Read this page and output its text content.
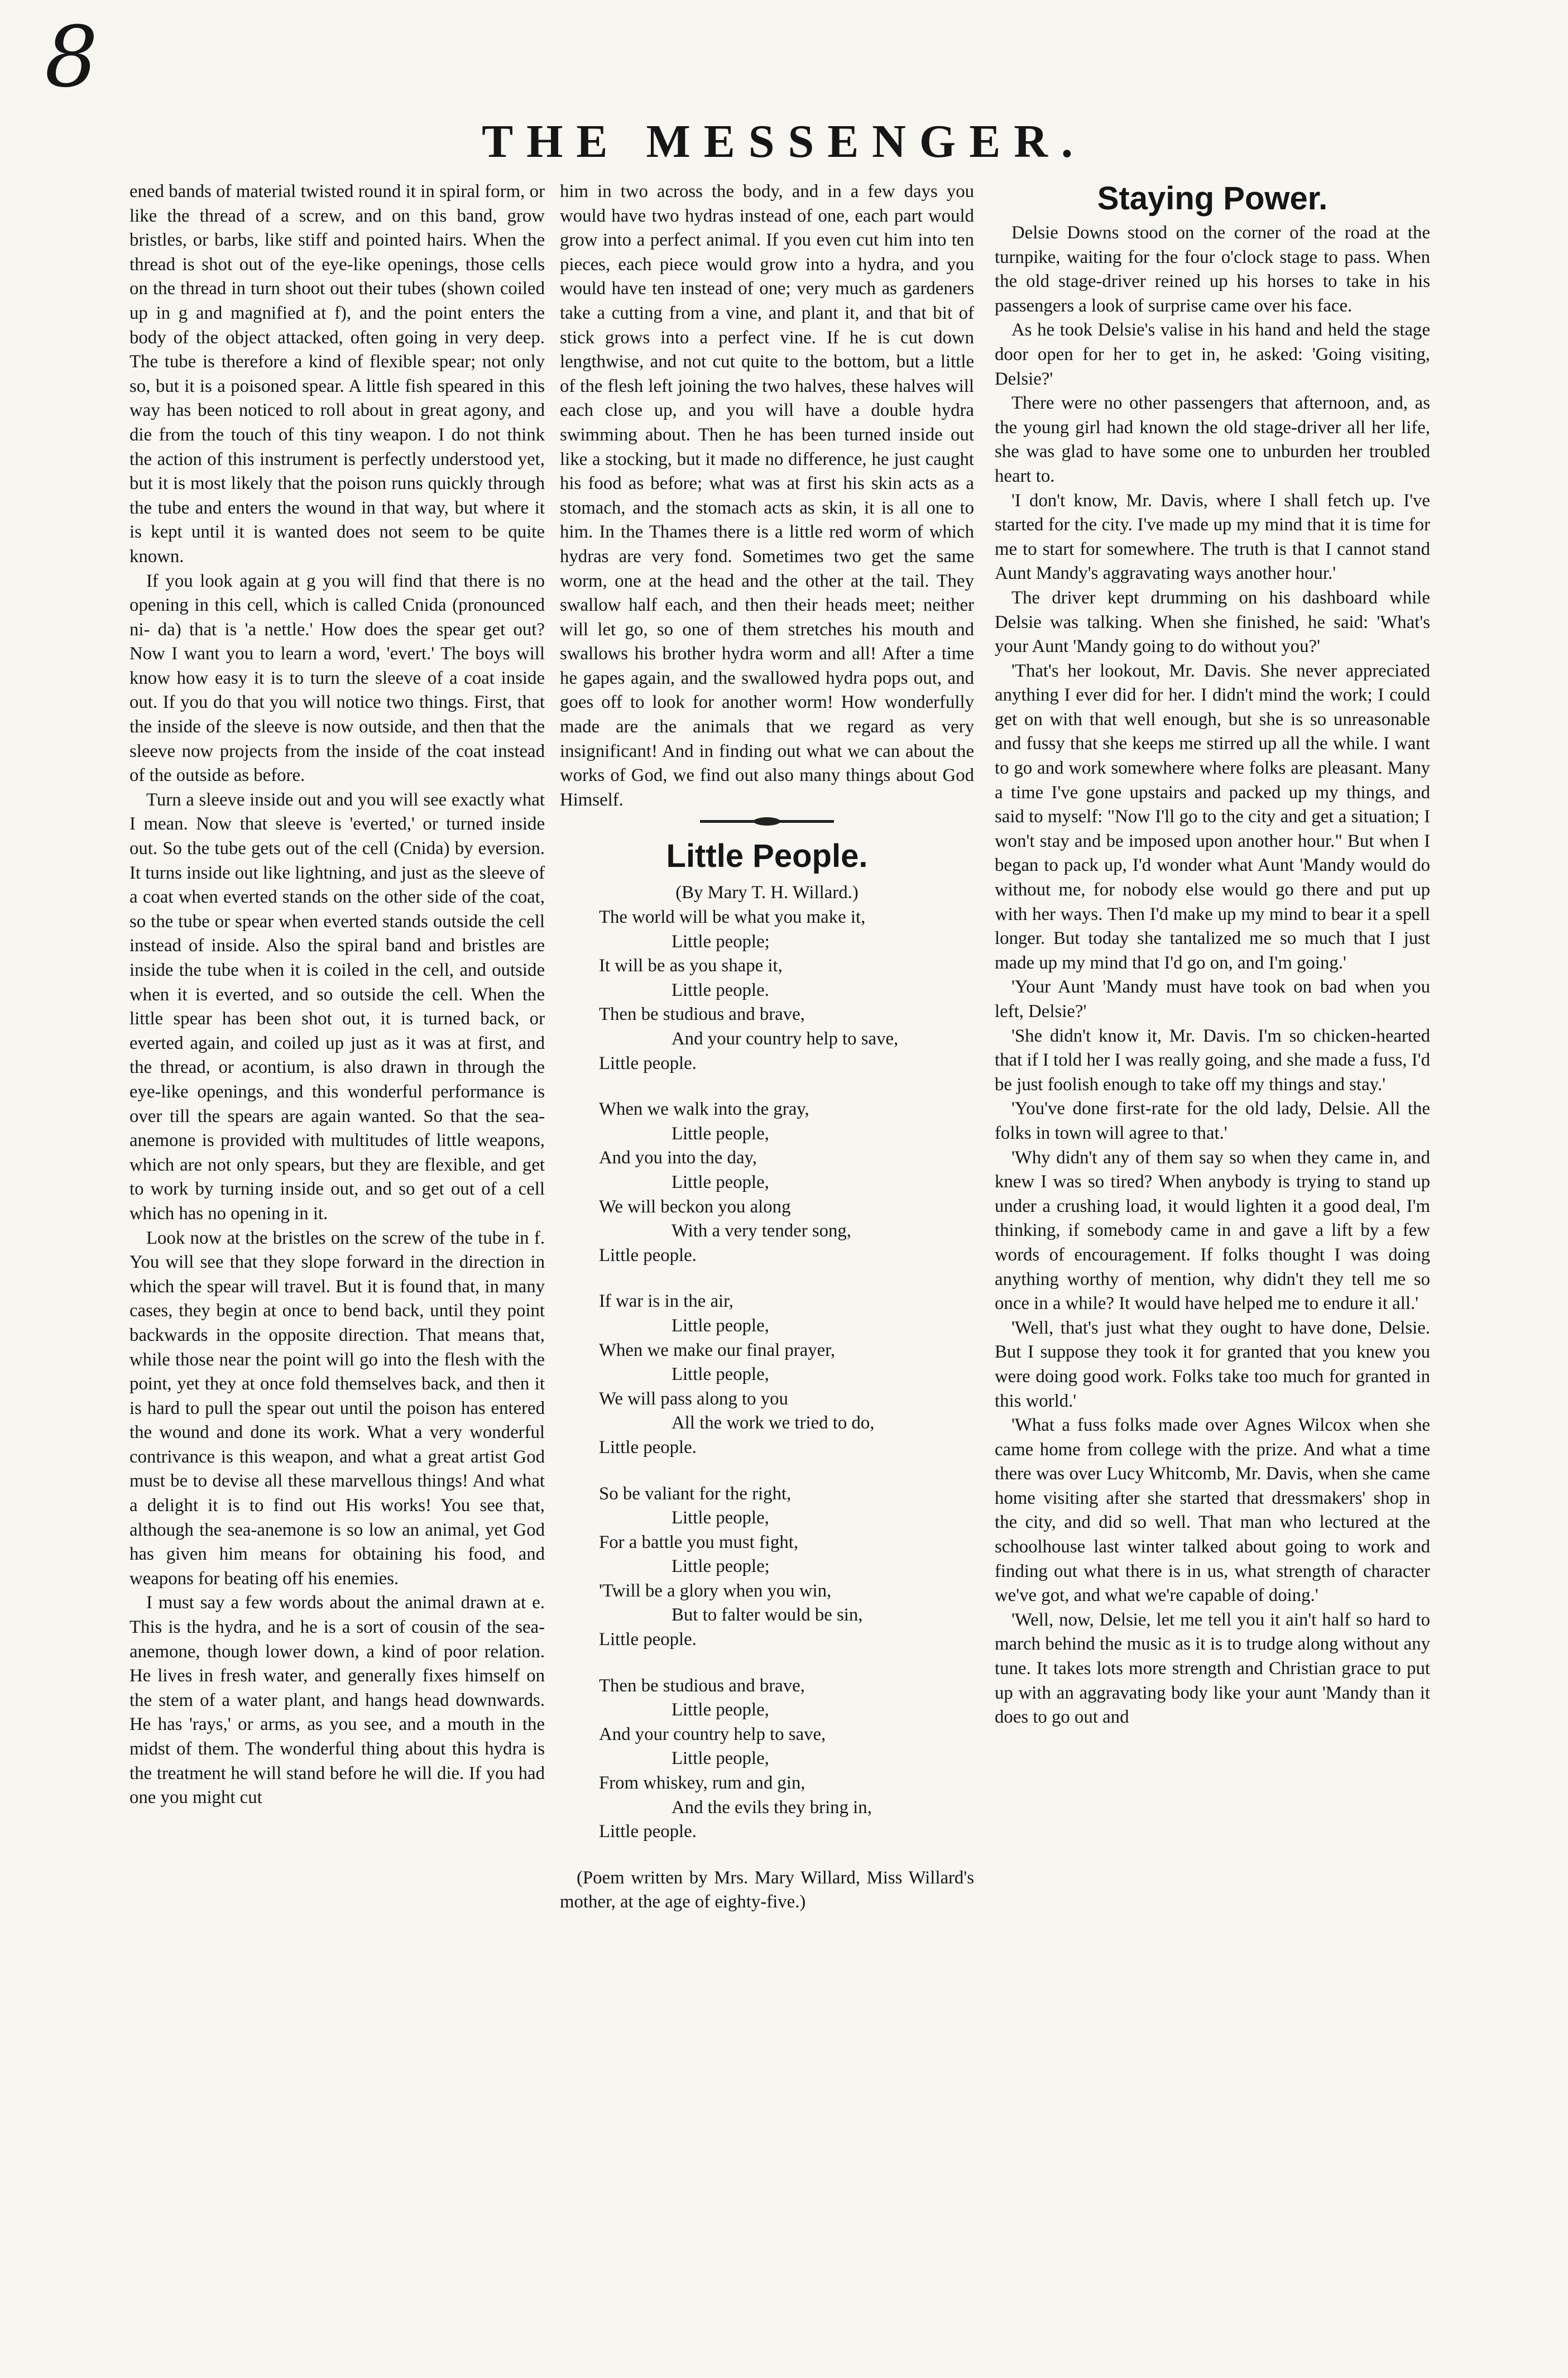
8
THE MESSENGER.

ened bands of material twisted round it in spiral form, or like the thread of a screw, and on this band, grow bristles, or barbs, like stiff and pointed hairs. When the thread is shot out of the eye-like openings, those cells on the thread in turn shoot out their tubes (shown coiled up in g and magnified at f), and the point enters the body of the object attacked, often going in very deep. The tube is therefore a kind of flexible spear; not only so, but it is a poisoned spear. A little fish speared in this way has been noticed to roll about in great agony, and die from the touch of this tiny weapon. I do not think the action of this instrument is perfectly understood yet, but it is most likely that the poison runs quickly through the tube and enters the wound in that way, but where it is kept until it is wanted does not seem to be quite known.

If you look again at g you will find that there is no opening in this cell, which is called Cnida (pronounced ni- da) that is 'a nettle.' How does the spear get out? Now I want you to learn a word, 'evert.' The boys will know how easy it is to turn the sleeve of a coat inside out. If you do that you will notice two things. First, that the inside of the sleeve is now outside, and then that the sleeve now projects from the inside of the coat instead of the outside as before.

Turn a sleeve inside out and you will see exactly what I mean. Now that sleeve is 'everted,' or turned inside out. So the tube gets out of the cell (Cnida) by eversion. It turns inside out like lightning, and just as the sleeve of a coat when everted stands on the other side of the coat, so the tube or spear when everted stands outside the cell instead of inside. Also the spiral band and bristles are inside the tube when it is coiled in the cell, and outside when it is everted, and so outside the cell. When the little spear has been shot out, it is turned back, or everted again, and coiled up just as it was at first, and the thread, or acontium, is also drawn in through the eye-like openings, and this wonderful performance is over till the spears are again wanted. So that the sea-anemone is provided with multitudes of little weapons, which are not only spears, but they are flexible, and get to work by turning inside out, and so get out of a cell which has no opening in it.

Look now at the bristles on the screw of the tube in f. You will see that they slope forward in the direction in which the spear will travel. But it is found that, in many cases, they begin at once to bend back, until they point backwards in the opposite direction. That means that, while those near the point will go into the flesh with the point, yet they at once fold themselves back, and then it is hard to pull the spear out until the poison has entered the wound and done its work. What a very wonderful contrivance is this weapon, and what a great artist God must be to devise all these marvellous things! And what a delight it is to find out His works! You see that, although the sea-anemone is so low an animal, yet God has given him means for obtaining his food, and weapons for beating off his enemies.

I must say a few words about the animal drawn at e. This is the hydra, and he is a sort of cousin of the sea-anemone, though lower down, a kind of poor relation. He lives in fresh water, and generally fixes himself on the stem of a water plant, and hangs head downwards. He has 'rays,' or arms, as you see, and a mouth in the midst of them. The wonderful thing about this hydra is the treatment he will stand before he will die. If you had one you might cut

him in two across the body, and in a few days you would have two hydras instead of one, each part would grow into a perfect animal. If you even cut him into ten pieces, each piece would grow into a hydra, and you would have ten instead of one; very much as gardeners take a cutting from a vine, and plant it, and that bit of stick grows into a perfect vine. If he is cut down lengthwise, and not cut quite to the bottom, but a little of the flesh left joining the two halves, these halves will each close up, and you will have a double hydra swimming about. Then he has been turned inside out like a stocking, but it made no difference, he just caught his food as before; what was at first his skin acts as a stomach, and the stomach acts as skin, it is all one to him. In the Thames there is a little red worm of which hydras are very fond. Sometimes two get the same worm, one at the head and the other at the tail. They swallow half each, and then their heads meet; neither will let go, so one of them stretches his mouth and swallows his brother hydra worm and all! After a time he gapes again, and the swallowed hydra pops out, and goes off to look for another worm! How wonderfully made are the animals that we regard as very insignificant! And in finding out what we can about the works of God, we find out also many things about God Himself.

Little People.

(By Mary T. H. Willard.)

The world will be what you make it,
Little people;
It will be as you shape it,
Little people.
Then be studious and brave,
And your country help to save,
Little people.
When we walk into the gray,
Little people,
And you into the day,
Little people,
We will beckon you along
With a very tender song,
Little people.
If war is in the air,
Little people,
When we make our final prayer,
Little people,
We will pass along to you
All the work we tried to do,
Little people.
So be valiant for the right,
Little people,
For a battle you must fight,
Little people;
'Twill be a glory when you win,
But to falter would be sin,
Little people.
Then be studious and brave,
Little people,
And your country help to save,
Little people,
From whiskey, rum and gin,
And the evils they bring in,
Little people.

(Poem written by Mrs. Mary Willard, Miss Willard's mother, at the age of eighty-five.)

Staying Power.

Delsie Downs stood on the corner of the road at the turnpike, waiting for the four o'clock stage to pass. When the old stage-driver reined up his horses to take in his passengers a look of surprise came over his face.

As he took Delsie's valise in his hand and held the stage door open for her to get in, he asked: 'Going visiting, Delsie?'

There were no other passengers that afternoon, and, as the young girl had known the old stage-driver all her life, she was glad to have some one to unburden her troubled heart to.

'I don't know, Mr. Davis, where I shall fetch up. I've started for the city. I've made up my mind that it is time for me to start for somewhere. The truth is that I cannot stand Aunt Mandy's aggravating ways another hour.'

The driver kept drumming on his dashboard while Delsie was talking. When she finished, he said: 'What's your Aunt 'Mandy going to do without you?'

'That's her lookout, Mr. Davis. She never appreciated anything I ever did for her. I didn't mind the work; I could get on with that well enough, but she is so unreasonable and fussy that she keeps me stirred up all the while. I want to go and work somewhere where folks are pleasant. Many a time I've gone upstairs and packed up my things, and said to myself: "Now I'll go to the city and get a situation; I won't stay and be imposed upon another hour." But when I began to pack up, I'd wonder what Aunt 'Mandy would do without me, for nobody else would go there and put up with her ways. Then I'd make up my mind to bear it a spell longer. But today she tantalized me so much that I just made up my mind that I'd go on, and I'm going.'

'Your Aunt 'Mandy must have took on bad when you left, Delsie?'

'She didn't know it, Mr. Davis. I'm so chicken-hearted that if I told her I was really going, and she made a fuss, I'd be just foolish enough to take off my things and stay.'

'You've done first-rate for the old lady, Delsie. All the folks in town will agree to that.'

'Why didn't any of them say so when they came in, and knew I was so tired? When anybody is trying to stand up under a crushing load, it would lighten it a good deal, I'm thinking, if somebody came in and gave a lift by a few words of encouragement. If folks thought I was doing anything worthy of mention, why didn't they tell me so once in a while? It would have helped me to endure it all.'

'Well, that's just what they ought to have done, Delsie. But I suppose they took it for granted that you knew you were doing good work. Folks take too much for granted in this world.'

'What a fuss folks made over Agnes Wilcox when she came home from college with the prize. And what a time there was over Lucy Whitcomb, Mr. Davis, when she came home visiting after she started that dressmakers' shop in the city, and did so well. That man who lectured at the schoolhouse last winter talked about going to work and finding out what there is in us, what strength of character we've got, and what we're capable of doing.'

'Well, now, Delsie, let me tell you it ain't half so hard to march behind the music as it is to trudge along without any tune. It takes lots more strength and Christian grace to put up with an aggravating body like your aunt 'Mandy than it does to go out and
